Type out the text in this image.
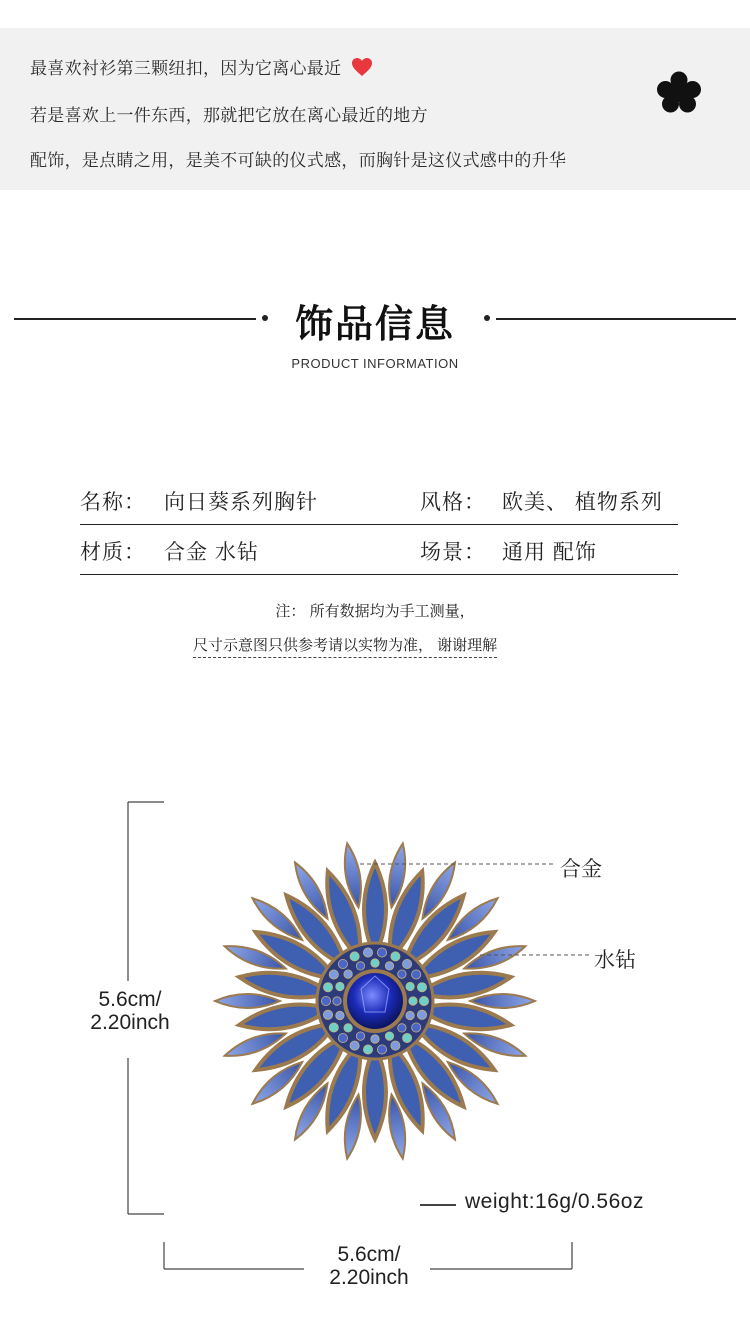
最喜欢衬衫第三颗纽扣，因为它离心最近
若是喜欢上一件东西，那就把它放在离心最近的地方
配饰，是点睛之用，是美不可缺的仪式感，而胸针是这仪式感中的升华
饰品信息
PRODUCT INFORMATION
名称： 向日葵系列胸针	风格： 欧美、 植物系列
材质： 合金 水钻	场景： 通用 配饰
注： 所有数据均为手工测量，
尺寸示意图只供参考请以实物为准， 谢谢理解
5.6cm/
2.20inch
5.6cm/
2.20inch
合金
水钻
weight:16g/0.56oz
